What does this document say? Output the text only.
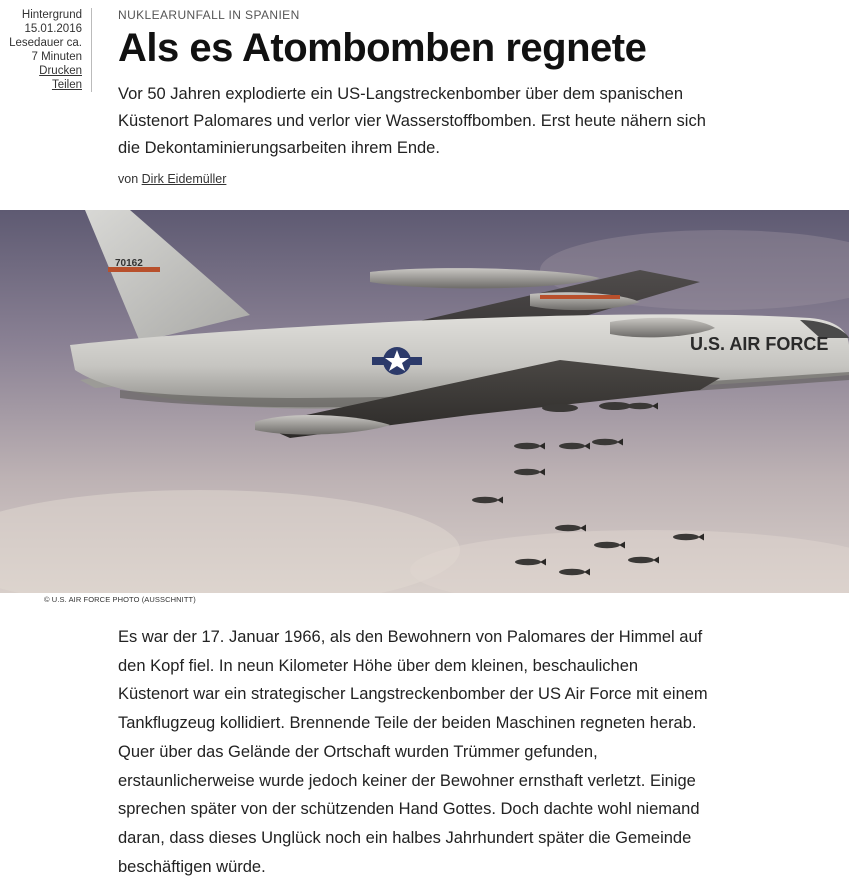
Hintergrund
15.01.2016
Lesedauer ca. 7 Minuten
Drucken
Teilen
NUKLEARUNFALL IN SPANIEN
Als es Atombomben regnete

Vor 50 Jahren explodierte ein US-Langstreckenbomber über dem spanischen Küstenort Palomares und verlor vier Wasserstoffbomben. Erst heute nähern sich die Dekontaminierungsarbeiten ihrem Ende.

von Dirk Eidemüller
70162
U.S. AIR FORCE
© U.S. AIR FORCE PHOTO (AUSSCHNITT)

Es war der 17. Januar 1966, als den Bewohnern von Palomares der Himmel auf den Kopf fiel. In neun Kilometer Höhe über dem kleinen, beschaulichen Küstenort war ein strategischer Langstreckenbomber der US Air Force mit einem Tankflugzeug kollidiert. Brennende Teile der beiden Maschinen regneten herab. Quer über das Gelände der Ortschaft wurden Trümmer gefunden, erstaunlicherweise wurde jedoch keiner der Bewohner ernsthaft verletzt. Einige sprechen später von der schützenden Hand Gottes. Doch dachte wohl niemand daran, dass dieses Unglück noch ein halbes Jahrhundert später die Gemeinde beschäftigen würde.
